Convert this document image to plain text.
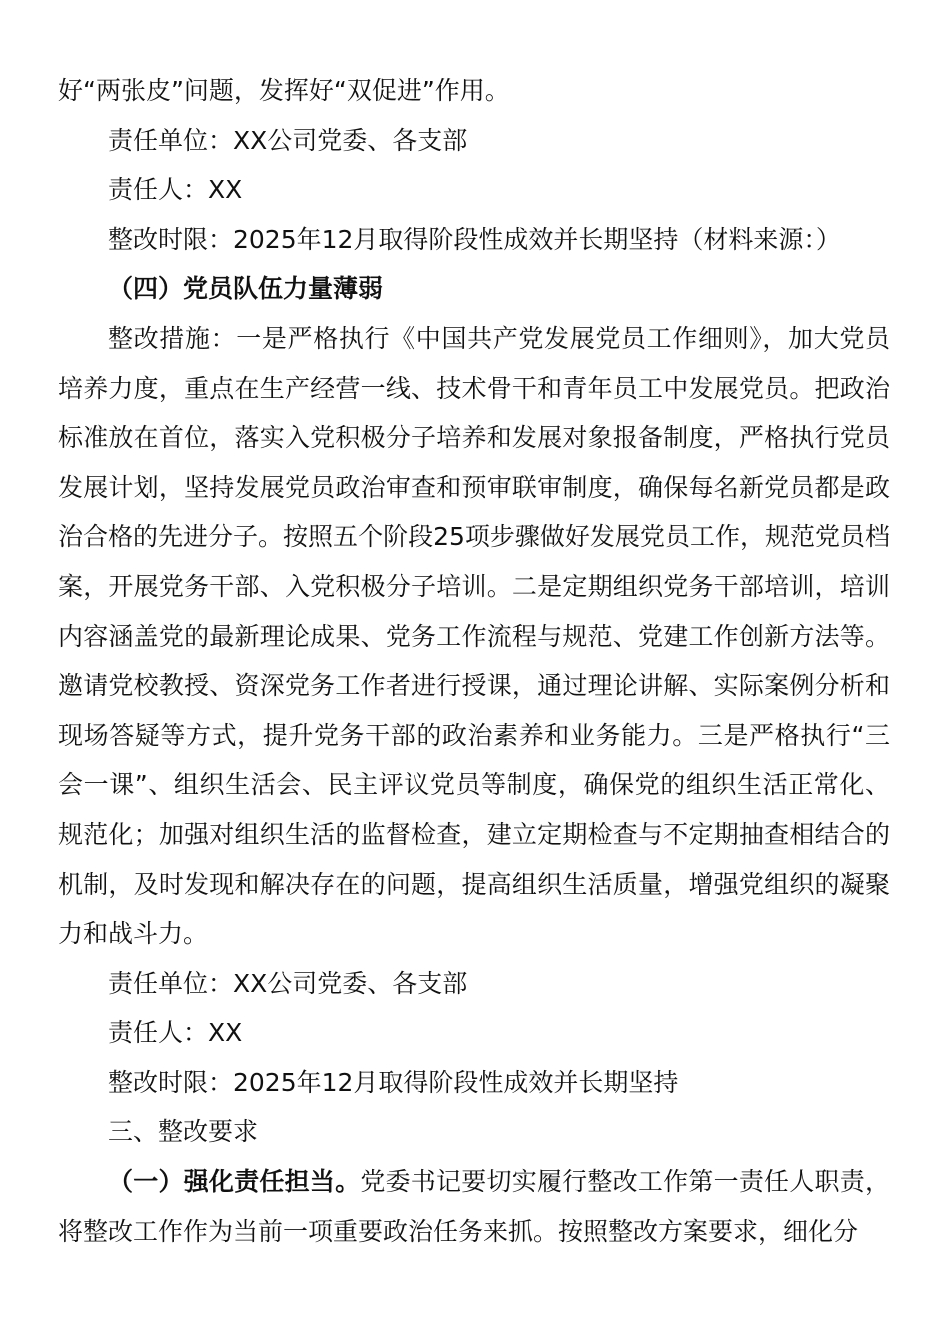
好“两张皮”问题，发挥好“双促进”作用。

责任单位：XX公司党委、各支部

责任人：XX

整改时限：2025年12月取得阶段性成效并长期坚持（材料来源：）

（四）党员队伍力量薄弱

整改措施：一是严格执行《中国共产党发展党员工作细则》，加大党员培养力度，重点在生产经营一线、技术骨干和青年员工中发展党员。把政治标准放在首位，落实入党积极分子培养和发展对象报备制度，严格执行党员发展计划，坚持发展党员政治审查和预审联审制度，确保每名新党员都是政治合格的先进分子。按照五个阶段25项步骤做好发展党员工作，规范党员档案，开展党务干部、入党积极分子培训。二是定期组织党务干部培训，培训内容涵盖党的最新理论成果、党务工作流程与规范、党建工作创新方法等。邀请党校教授、资深党务工作者进行授课，通过理论讲解、实际案例分析和现场答疑等方式，提升党务干部的政治素养和业务能力。三是严格执行“三会一课”、组织生活会、民主评议党员等制度，确保党的组织生活正常化、规范化；加强对组织生活的监督检查，建立定期检查与不定期抽查相结合的机制，及时发现和解决存在的问题，提高组织生活质量，增强党组织的凝聚力和战斗力。

责任单位：XX公司党委、各支部

责任人：XX

整改时限：2025年12月取得阶段性成效并长期坚持

三、整改要求

（一）强化责任担当。党委书记要切实履行整改工作第一责任人职责，将整改工作作为当前一项重要政治任务来抓。按照整改方案要求，细化分
